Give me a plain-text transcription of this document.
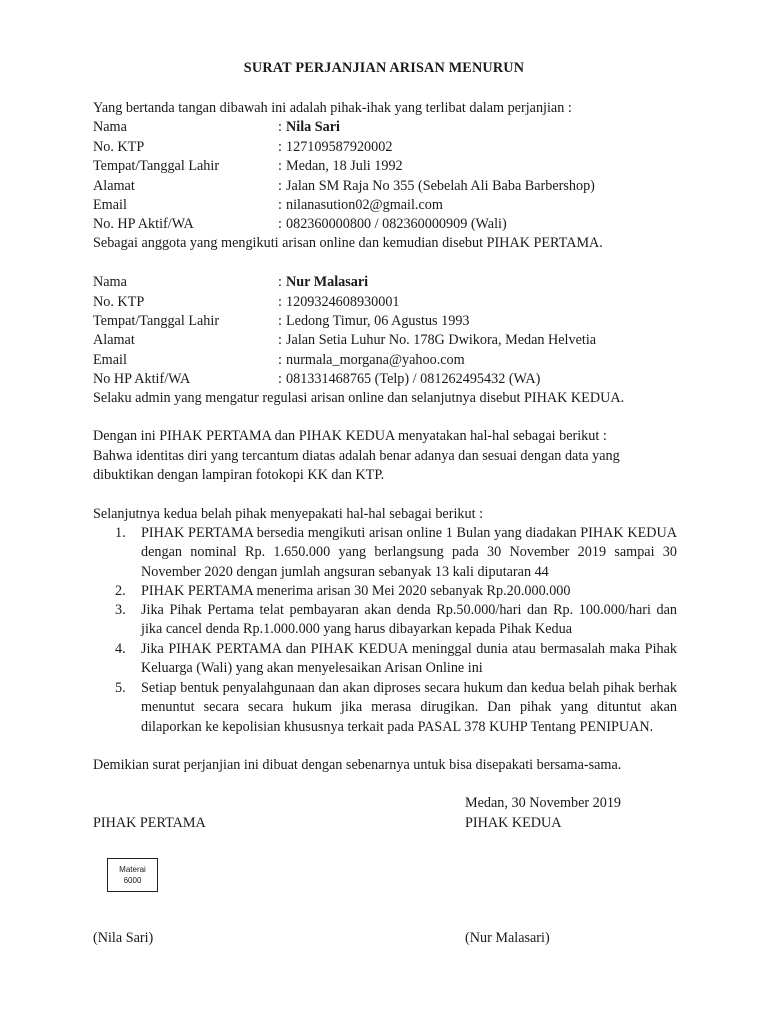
SURAT PERJANJIAN ARISAN MENURUN
Yang bertanda tangan dibawah ini adalah pihak-ihak yang terlibat dalam perjanjian :
Nama	: Nila Sari
No. KTP	: 127109587920002
Tempat/Tanggal Lahir	: Medan, 18 Juli 1992
Alamat	: Jalan SM Raja No 355 (Sebelah Ali Baba Barbershop)
Email	: nilanasution02@gmail.com
No. HP Aktif/WA	: 082360000800 / 082360000909 (Wali)
Sebagai anggota yang mengikuti arisan online dan kemudian disebut PIHAK PERTAMA.
Nama	: Nur Malasari
No. KTP	: 1209324608930001
Tempat/Tanggal Lahir	: Ledong Timur, 06 Agustus 1993
Alamat	: Jalan Setia Luhur No. 178G Dwikora, Medan Helvetia
Email	: nurmala_morgana@yahoo.com
No HP Aktif/WA	: 081331468765 (Telp) / 081262495432 (WA)
Selaku admin yang mengatur regulasi arisan online dan selanjutnya disebut PIHAK KEDUA.
Dengan ini PIHAK PERTAMA dan PIHAK KEDUA menyatakan hal-hal sebagai berikut :
Bahwa identitas diri yang tercantum diatas adalah benar adanya dan sesuai dengan data yang
dibuktikan dengan lampiran fotokopi KK dan KTP.
Selanjutnya kedua belah pihak menyepakati hal-hal sebagai berikut :
1.	PIHAK PERTAMA bersedia mengikuti arisan online 1 Bulan yang diadakan PIHAK KEDUA dengan nominal Rp. 1.650.000 yang berlangsung pada 30 November 2019 sampai 30 November 2020 dengan jumlah angsuran sebanyak 13 kali diputaran 44
2.	PIHAK PERTAMA menerima arisan 30 Mei 2020 sebanyak Rp.20.000.000
3.	Jika Pihak Pertama telat pembayaran akan denda Rp.50.000/hari dan Rp. 100.000/hari dan jika cancel denda Rp.1.000.000 yang harus dibayarkan kepada Pihak Kedua
4.	Jika PIHAK PERTAMA dan PIHAK KEDUA meninggal dunia atau bermasalah maka Pihak Keluarga (Wali) yang akan menyelesaikan Arisan Online ini
5.	Setiap bentuk penyalahgunaan dan akan diproses secara hukum dan kedua belah pihak berhak menuntut secara secara hukum jika merasa dirugikan. Dan pihak yang dituntut akan dilaporkan ke kepolisian khususnya terkait pada PASAL 378 KUHP Tentang PENIPUAN.
Demikian surat perjanjian ini dibuat dengan sebenarnya untuk bisa disepakati bersama-sama.
Medan, 30 November 2019
PIHAK PERTAMA	PIHAK KEDUA
Materai
6000
(Nila Sari)	(Nur Malasari)
